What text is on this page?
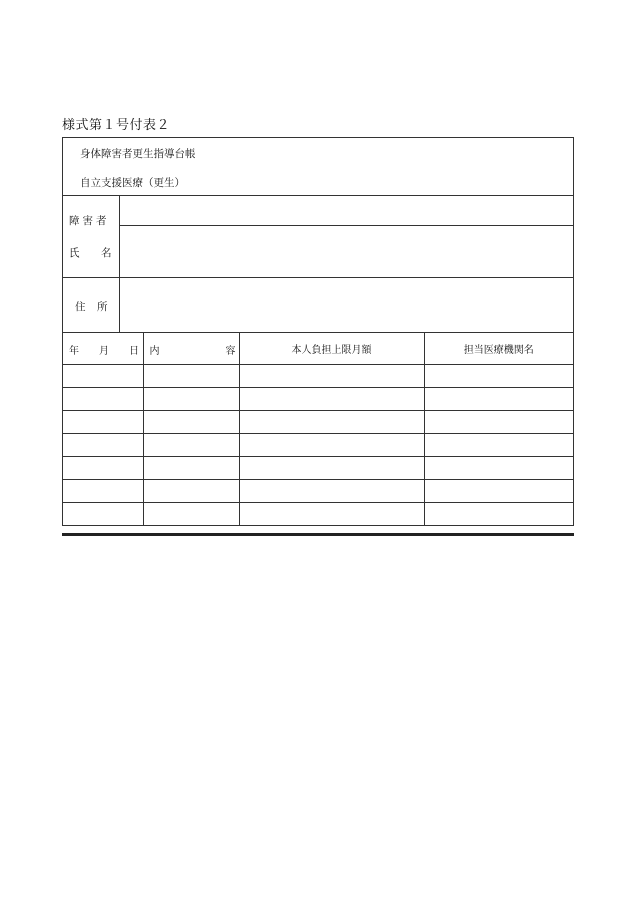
様式第１号付表２
身体障害者更生指導台帳
自立支援医療（更生）
障害者
氏 名
住 所
年 月 日	内 容	本人負担上限月額	担当医療機関名
